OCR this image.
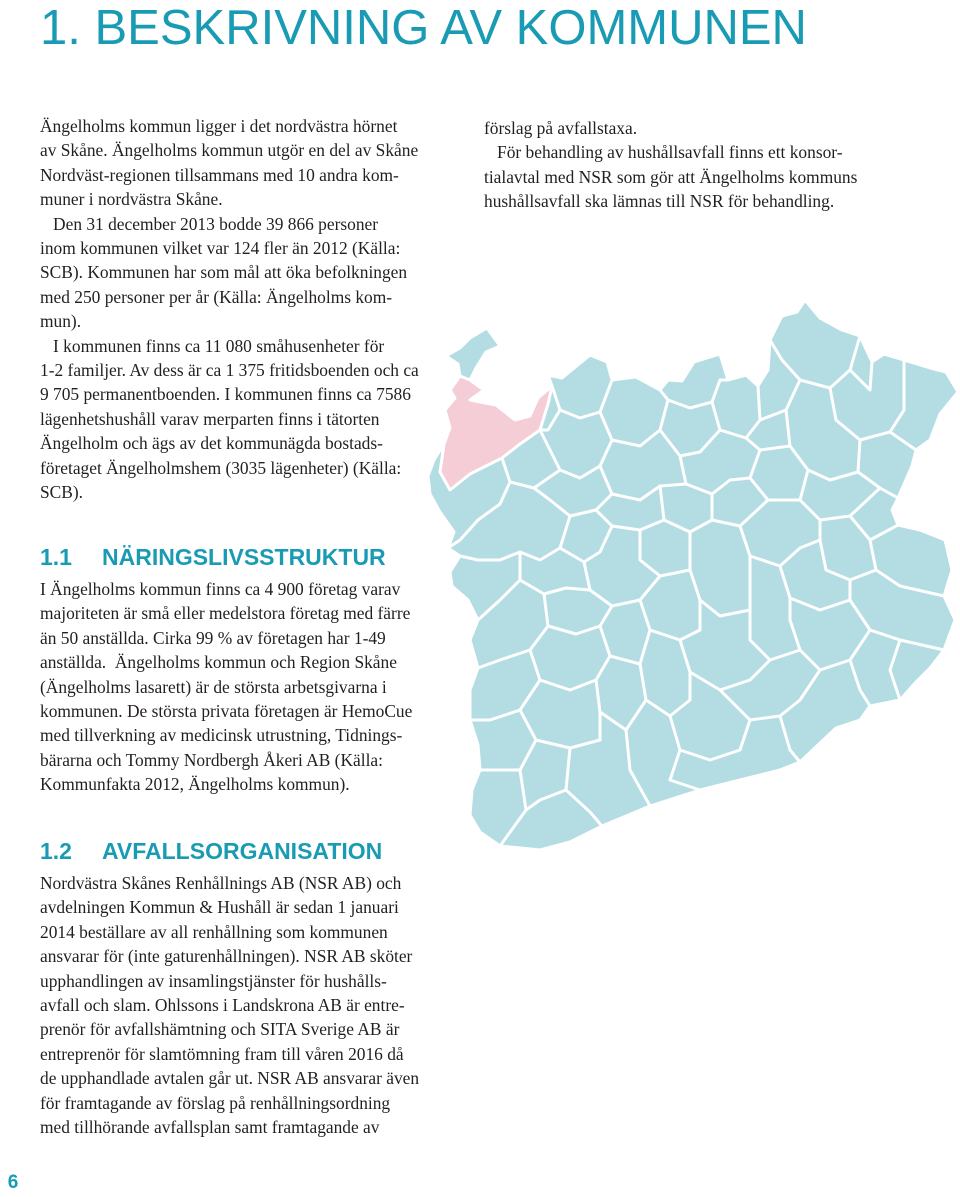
1. BESKRIVNING AV KOMMUNEN
Ängelholms kommun ligger i det nordvästra hörnet
av Skåne. Ängelholms kommun utgör en del av Skåne
Nordväst-regionen tillsammans med 10 andra kom-
muner i nordvästra Skåne.
Den 31 december 2013 bodde 39 866 personer
inom kommunen vilket var 124 fler än 2012 (Källa:
SCB). Kommunen har som mål att öka befolkningen
med 250 personer per år (Källa: Ängelholms kom-
mun).
I kommunen finns ca 11 080 småhusenheter för
1-2 familjer. Av dess är ca 1 375 fritidsboenden och ca
9 705 permanentboenden. I kommunen finns ca 7586
lägenhetshushåll varav merparten finns i tätorten
Ängelholm och ägs av det kommunägda bostads-
företaget Ängelholmshem (3035 lägenheter) (Källa:
SCB).
1.1 NÄRINGSLIVSSTRUKTUR
I Ängelholms kommun finns ca 4 900 företag varav
majoriteten är små eller medelstora företag med färre
än 50 anställda. Cirka 99 % av företagen har 1-49
anställda.  Ängelholms kommun och Region Skåne
(Ängelholms lasarett) är de största arbetsgivarna i
kommunen. De största privata företagen är HemoCue
med tillverkning av medicinsk utrustning, Tidnings-
bärarna och Tommy Nordbergh Åkeri AB (Källa:
Kommunfakta 2012, Ängelholms kommun).
1.2 AVFALLSORGANISATION
Nordvästra Skånes Renhållnings AB (NSR AB) och
avdelningen Kommun & Hushåll är sedan 1 januari
2014 beställare av all renhållning som kommunen
ansvarar för (inte gaturenhållningen). NSR AB sköter
upphandlingen av insamlingstjänster för hushålls-
avfall och slam. Ohlssons i Landskrona AB är entre-
prenör för avfallshämtning och SITA Sverige AB är
entreprenör för slamtömning fram till våren 2016 då
de upphandlade avtalen går ut. NSR AB ansvarar även
för framtagande av förslag på renhållningsordning
med tillhörande avfallsplan samt framtagande av
förslag på avfallstaxa.
För behandling av hushållsavfall finns ett konsor-
tialavtal med NSR som gör att Ängelholms kommuns
hushållsavfall ska lämnas till NSR för behandling.
6
